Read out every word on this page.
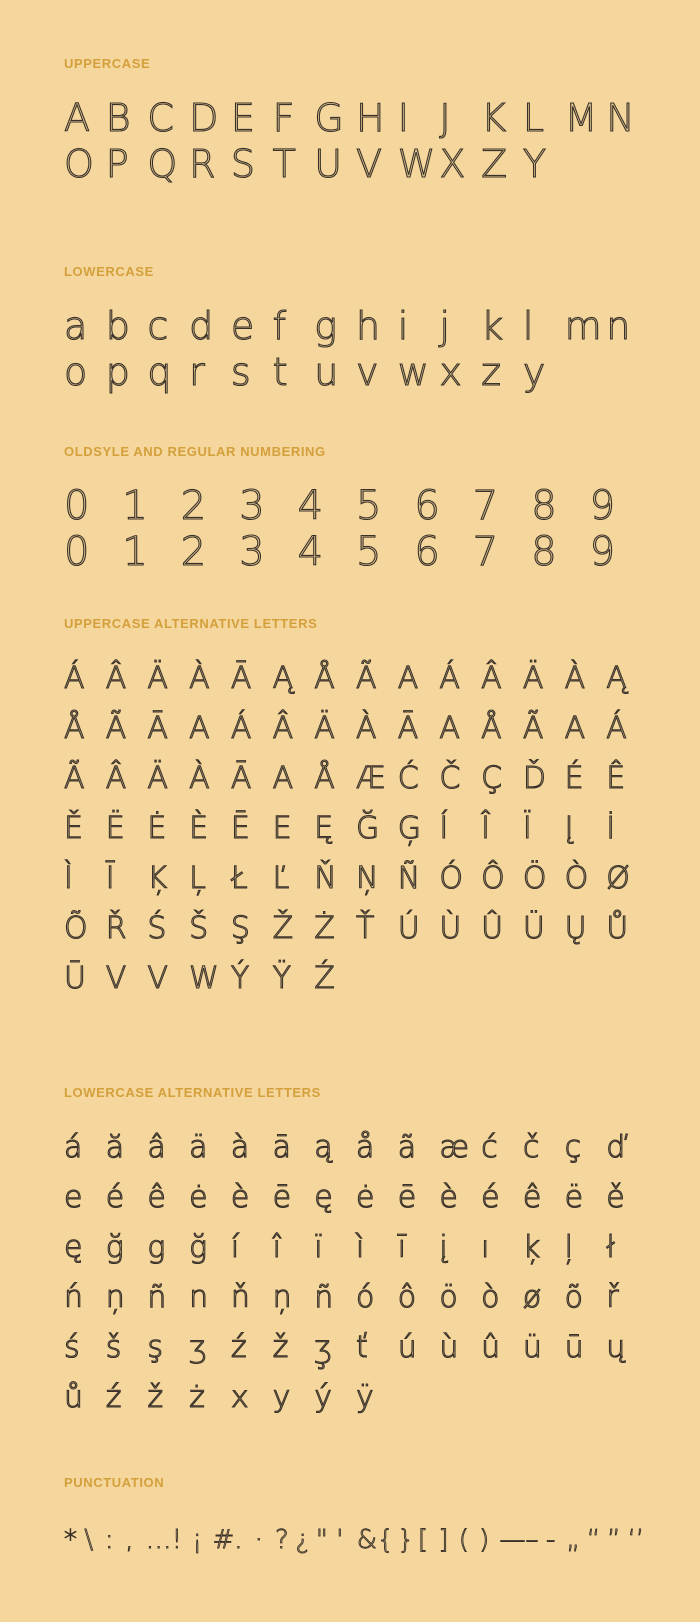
UPPERCASE
A B C D E F G H I J K L M N
O P Q R S T U V W X Z Y
LOWERCASE
a b c d e f g h i j k l m n
o p q r s t u v w x z y
OLDSYLE AND REGULAR NUMBERING
0 1 2 3 4 5 6 7 8 9
0 1 2 3 4 5 6 7 8 9
UPPERCASE ALTERNATIVE LETTERS
Á Â Ä À Ā Ą Å Ã A Á Â Ä À Ą
Å Ã Ā A Á Â Ä À Ā A Å Ã A Á
Ã Â Ä À Ā A Å Æ Ć Č Ç Ď É Ê
Ě Ë Ė È Ē E Ę Ğ Ģ Í	Î	Ï	Į	İ
Ì	Ī	Ķ Ļ Ł Ľ Ň Ņ Ñ Ó Ô Ö Ò Ø
Õ Ř Ś Š Ş Ž Ż Ť Ú Ù Û Ü Ų Ů
Ū V V W Ý Ÿ Ź
LOWERCASE ALTERNATIVE LETTERS
á ă â ä à ā ą å ã æ ć č ç ď
e é ê ė è ē ę ė ē è é ê ë ě
ę ğ g ğ í	î	ï	ì	ī	į	ı	ķ ļ	ł
ń ņ ñ n ň ņ ñ ó ô ö ò ø õ ř
ś š ş ʒ ź ž ʒ̧ ť ú ù û ü ū ų
ů ź ž ż x y ý ÿ
PUNCTUATION
* \ : , … ! ¡ # . · ? ¿ " ' & { } [ ] ( ) — – - „ “ ” ‘’
